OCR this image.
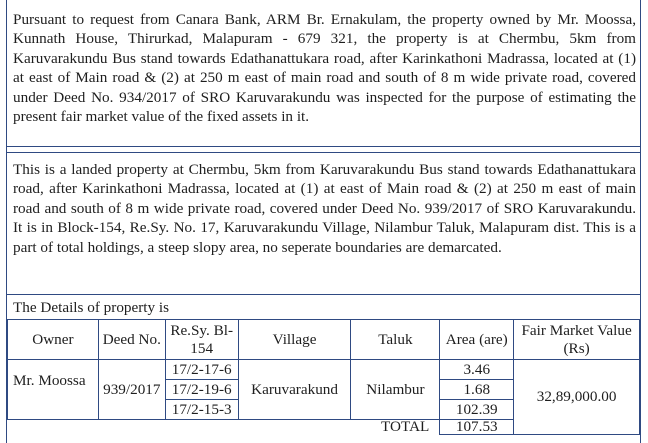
Pursuant to request from Canara Bank, ARM Br. Ernakulam, the property owned by Mr. Moossa, Kunnath House, Thirurkad, Malapuram - 679 321, the property is at Chermbu, 5km from Karuvarakundu Bus stand towards Edathanattukara road, after Karinkathoni Madrassa, located at (1) at east of Main road & (2) at 250 m east of main road and south of 8 m wide private road, covered under Deed No. 934/2017 of SRO Karuvarakundu was inspected for the purpose of estimating the present fair market value of the fixed assets in it.
This is a landed property at Chermbu, 5km from Karuvarakundu Bus stand towards Edathanattukara road, after Karinkathoni Madrassa, located at (1) at east of Main road & (2) at 250 m east of main road and south of 8 m wide private road, covered under Deed No. 939/2017 of SRO Karuvarakundu. It is in Block-154, Re.Sy. No. 17, Karuvarakundu Village, Nilambur Taluk, Malapuram dist. This is a part of total holdings, a steep slopy area, no seperate boundaries are demarcated.
The Details of property is
Owner	Deed No.	Re.Sy. Bl-154	Village	Taluk	Area (are)	Fair Market Value (Rs)
Mr. Moossa	939/2017	17/2-17-6	Karuvarakund	Nilambur	3.46	32,89,000.00
		17/2-19-6			1.68	
		17/2-15-3			102.39	
			TOTAL		107.53	
